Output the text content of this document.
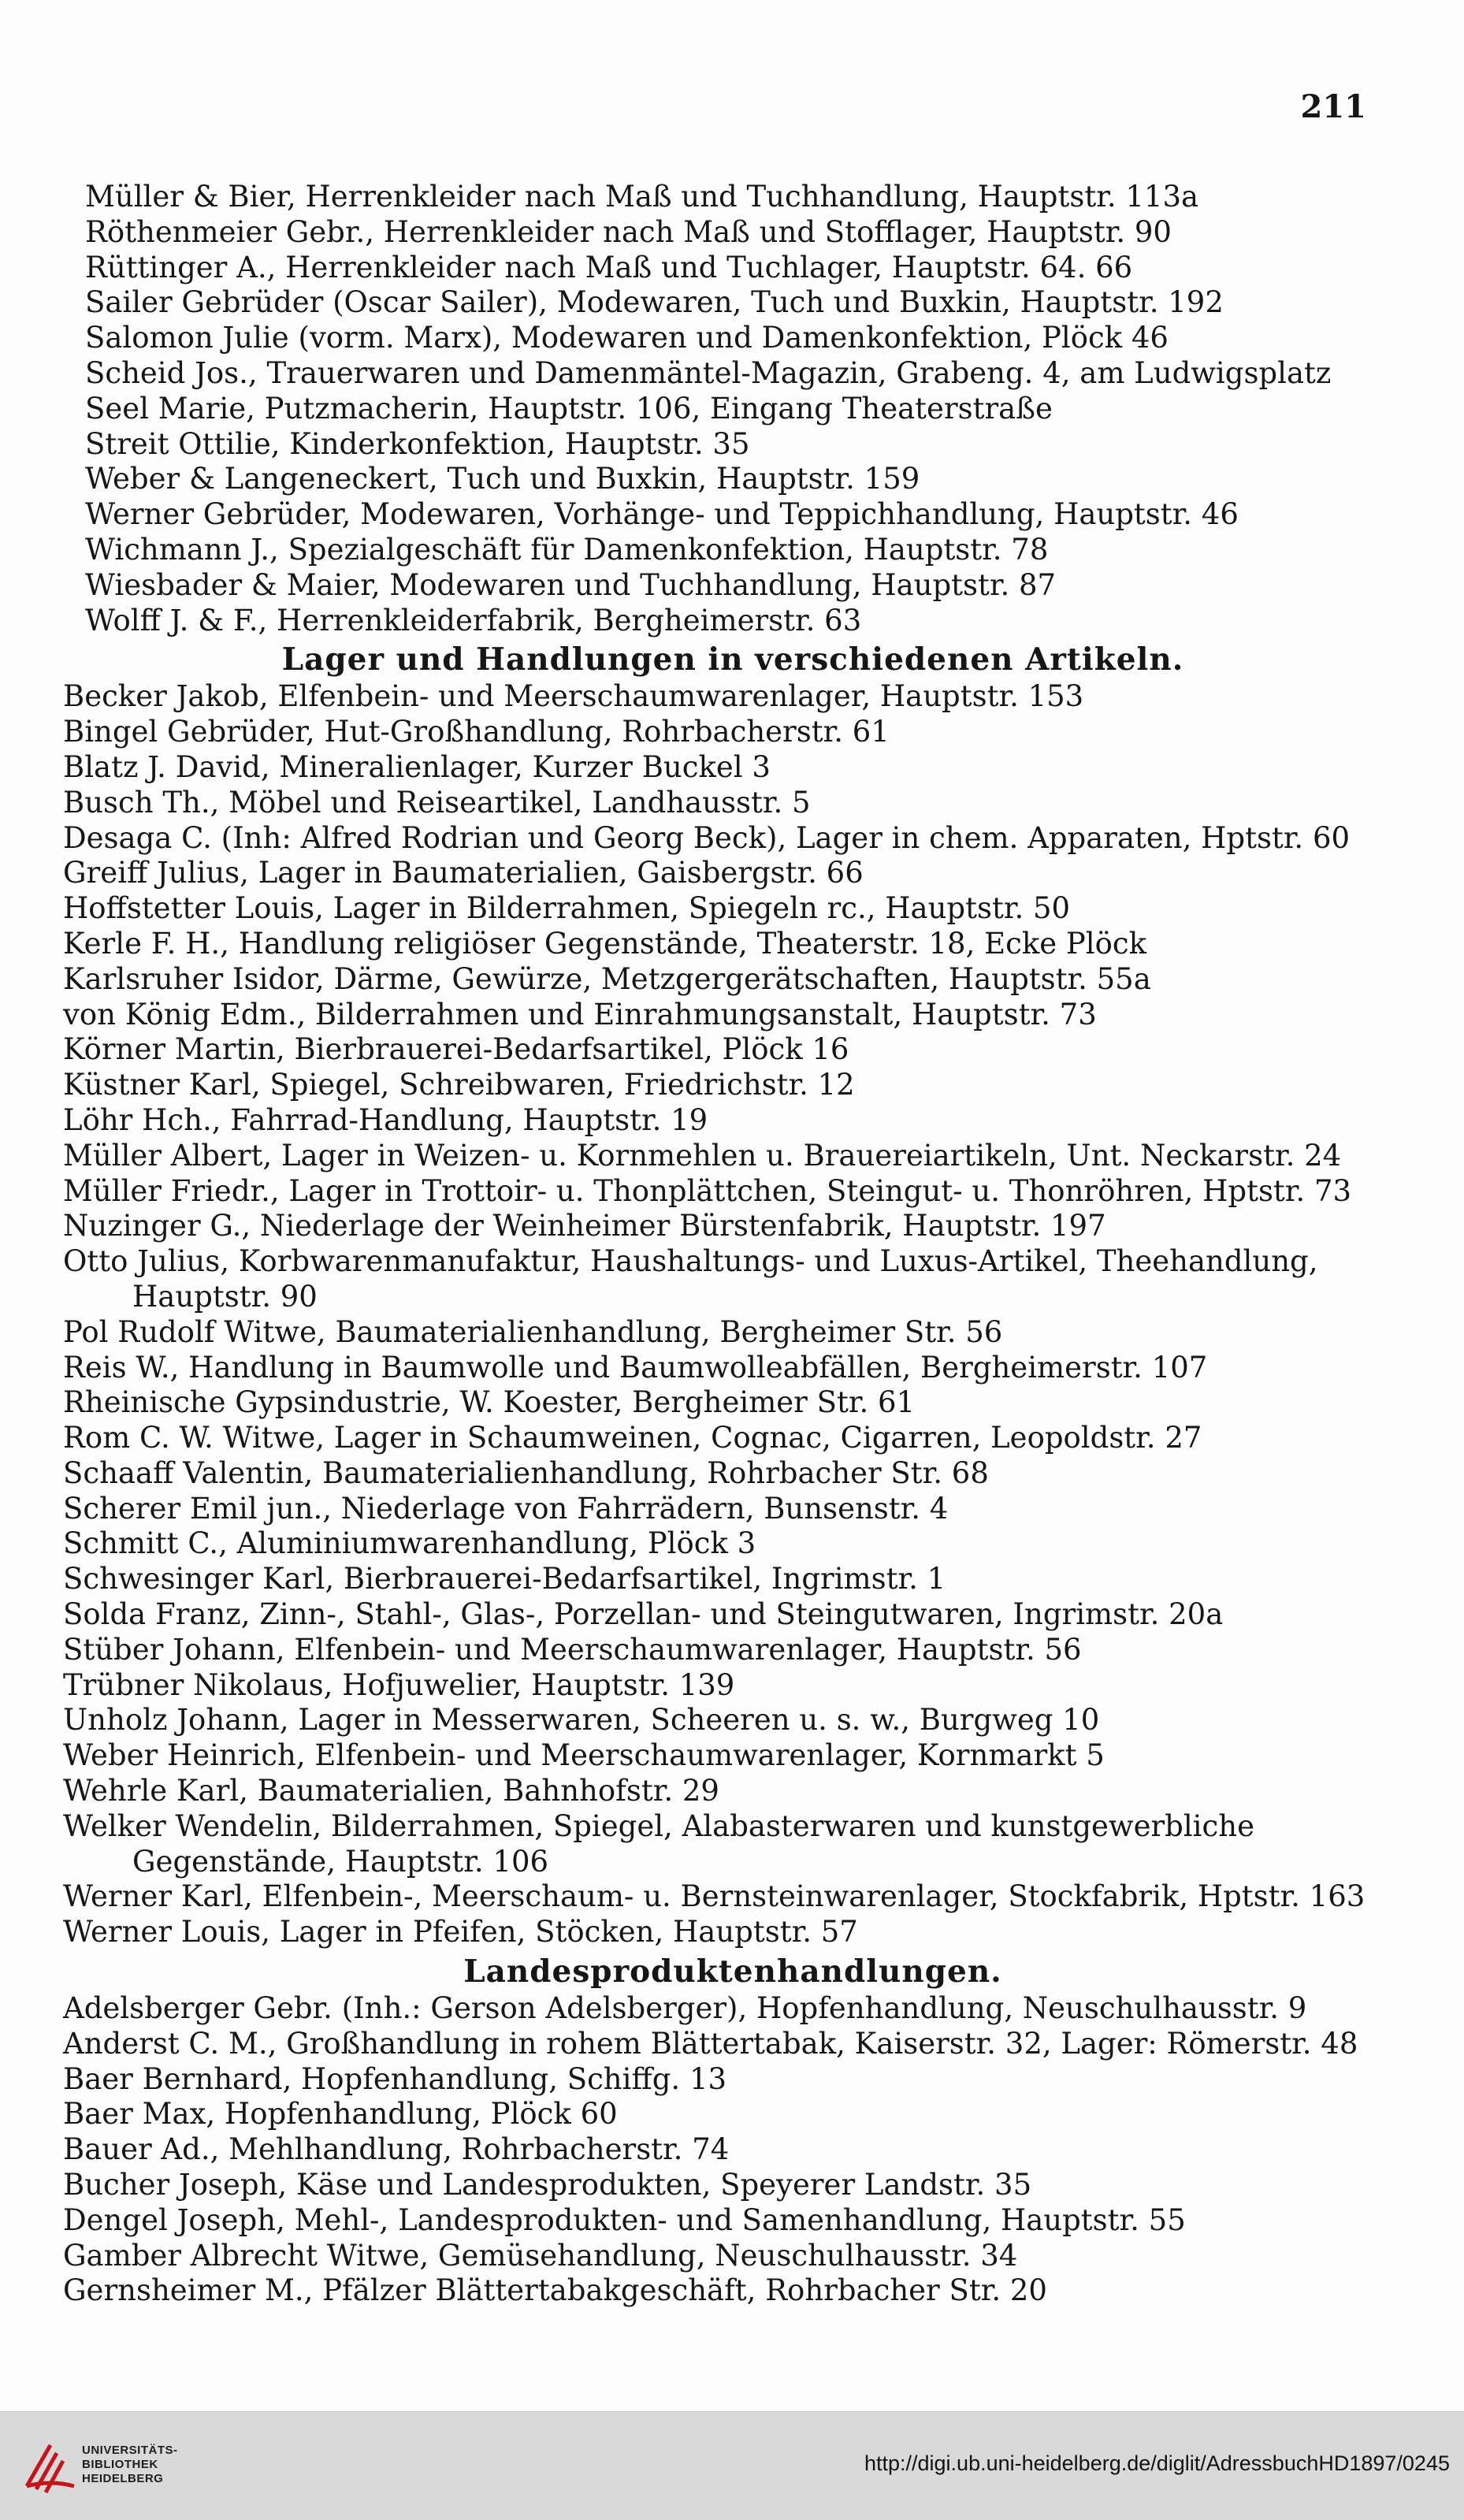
211
Müller & Bier, Herrenkleider nach Maß und Tuchhandlung, Hauptstr. 113a
Röthenmeier Gebr., Herrenkleider nach Maß und Stofflager, Hauptstr. 90
Rüttinger A., Herrenkleider nach Maß und Tuchlager, Hauptstr. 64. 66
Sailer Gebrüder (Oscar Sailer), Modewaren, Tuch und Buxkin, Hauptstr. 192
Salomon Julie (vorm. Marx), Modewaren und Damenkonfektion, Plöck 46
Scheid Jos., Trauerwaren und Damenmäntel-Magazin, Grabeng. 4, am Ludwigsplatz
Seel Marie, Putzmacherin, Hauptstr. 106, Eingang Theaterstraße
Streit Ottilie, Kinderkonfektion, Hauptstr. 35
Weber & Langeneckert, Tuch und Buxkin, Hauptstr. 159
Werner Gebrüder, Modewaren, Vorhänge- und Teppichhandlung, Hauptstr. 46
Wichmann J., Spezialgeschäft für Damenkonfektion, Hauptstr. 78
Wiesbader & Maier, Modewaren und Tuchhandlung, Hauptstr. 87
Wolff J. & F., Herrenkleiderfabrik, Bergheimerstr. 63
Lager und Handlungen in verschiedenen Artikeln.
Becker Jakob, Elfenbein- und Meerschaumwarenlager, Hauptstr. 153
Bingel Gebrüder, Hut-Großhandlung, Rohrbacherstr. 61
Blatz J. David, Mineralienlager, Kurzer Buckel 3
Busch Th., Möbel und Reiseartikel, Landhausstr. 5
Desaga C. (Inh: Alfred Rodrian und Georg Beck), Lager in chem. Apparaten, Hptstr. 60
Greiff Julius, Lager in Baumaterialien, Gaisbergstr. 66
Hoffstetter Louis, Lager in Bilderrahmen, Spiegeln rc., Hauptstr. 50
Kerle F. H., Handlung religiöser Gegenstände, Theaterstr. 18, Ecke Plöck
Karlsruher Isidor, Därme, Gewürze, Metzgergerätschaften, Hauptstr. 55a
von König Edm., Bilderrahmen und Einrahmungsanstalt, Hauptstr. 73
Körner Martin, Bierbrauerei-Bedarfsartikel, Plöck 16
Küstner Karl, Spiegel, Schreibwaren, Friedrichstr. 12
Löhr Hch., Fahrrad-Handlung, Hauptstr. 19
Müller Albert, Lager in Weizen- u. Kornmehlen u. Brauereiartikeln, Unt. Neckarstr. 24
Müller Friedr., Lager in Trottoir- u. Thonplättchen, Steingut- u. Thonröhren, Hptstr. 73
Nuzinger G., Niederlage der Weinheimer Bürstenfabrik, Hauptstr. 197
Otto Julius, Korbwarenmanufaktur, Haushaltungs- und Luxus-Artikel, Theehandlung, Hauptstr. 90
Pol Rudolf Witwe, Baumaterialienhandlung, Bergheimer Str. 56
Reis W., Handlung in Baumwolle und Baumwolleabfällen, Bergheimerstr. 107
Rheinische Gypsindustrie, W. Koester, Bergheimer Str. 61
Rom C. W. Witwe, Lager in Schaumweinen, Cognac, Cigarren, Leopoldstr. 27
Schaaff Valentin, Baumaterialienhandlung, Rohrbacher Str. 68
Scherer Emil jun., Niederlage von Fahrrädern, Bunsenstr. 4
Schmitt C., Aluminiumwarenhandlung, Plöck 3
Schwesinger Karl, Bierbrauerei-Bedarfsartikel, Ingrimstr. 1
Solda Franz, Zinn-, Stahl-, Glas-, Porzellan- und Steingutwaren, Ingrimstr. 20a
Stüber Johann, Elfenbein- und Meerschaumwarenlager, Hauptstr. 56
Trübner Nikolaus, Hofjuwelier, Hauptstr. 139
Unholz Johann, Lager in Messerwaren, Scheeren u. s. w., Burgweg 10
Weber Heinrich, Elfenbein- und Meerschaumwarenlager, Kornmarkt 5
Wehrle Karl, Baumaterialien, Bahnhofstr. 29
Welker Wendelin, Bilderrahmen, Spiegel, Alabasterwaren und kunstgewerbliche Gegenstände, Hauptstr. 106
Werner Karl, Elfenbein-, Meerschaum- u. Bernsteinwarenlager, Stockfabrik, Hptstr. 163
Werner Louis, Lager in Pfeifen, Stöcken, Hauptstr. 57
Landesproduktenhandlungen.
Adelsberger Gebr. (Inh.: Gerson Adelsberger), Hopfenhandlung, Neuschulhausstr. 9
Anderst C. M., Großhandlung in rohem Blättertabak, Kaiserstr. 32, Lager: Römerstr. 48
Baer Bernhard, Hopfenhandlung, Schiffg. 13
Baer Max, Hopfenhandlung, Plöck 60
Bauer Ad., Mehlhandlung, Rohrbacherstr. 74
Bucher Joseph, Käse und Landesprodukten, Speyerer Landstr. 35
Dengel Joseph, Mehl-, Landesprodukten- und Samenhandlung, Hauptstr. 55
Gamber Albrecht Witwe, Gemüsehandlung, Neuschulhausstr. 34
Gernsheimer M., Pfälzer Blättertabakgeschäft, Rohrbacher Str. 20
UNIVERSITÄTS-
BIBLIOTHEK
HEIDELBERG
http://digi.ub.uni-heidelberg.de/diglit/AdressbuchHD1897/0245
